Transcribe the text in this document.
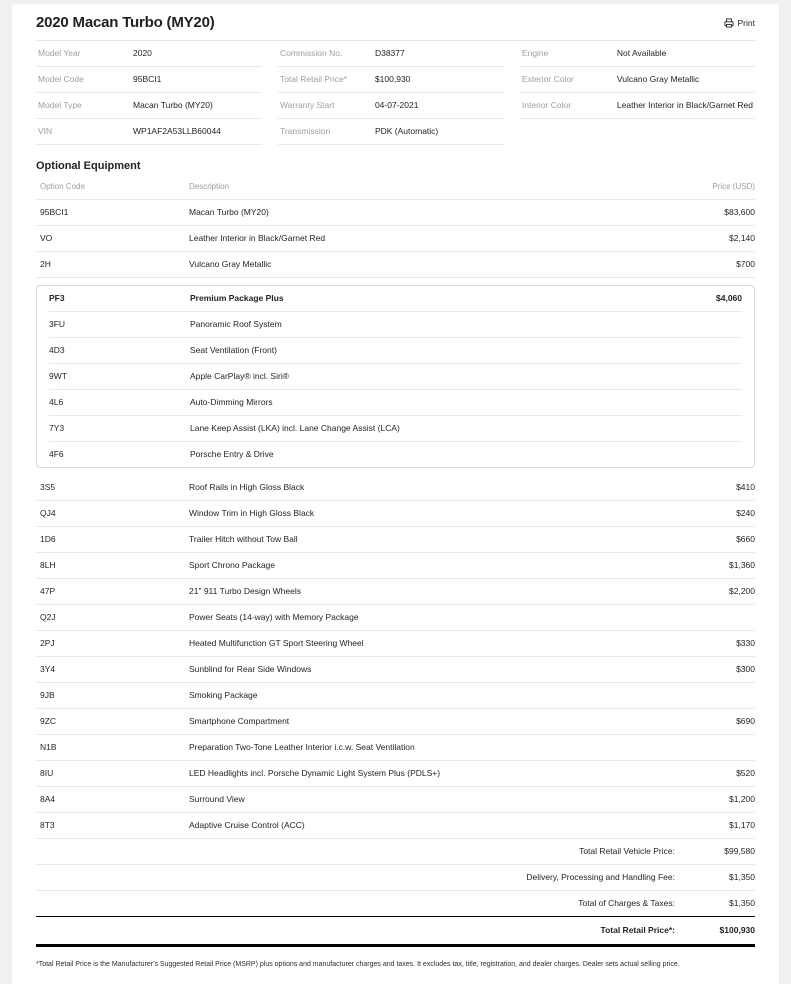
2020 Macan Turbo (MY20)	Print
Model Year	2020
Model Code	95BCI1
Model Type	Macan Turbo (MY20)
VIN	WP1AF2A53LLB60044
Commission No.	D38377
Total Retail Price*	$100,930
Warranty Start	04-07-2021
Transmission	PDK (Automatic)
Engine	Not Available
Exterior Color	Vulcano Gray Metallic
Interior Color	Leather Interior in Black/Garnet Red
Optional Equipment
Option Code	Description	Price (USD)
95BCI1	Macan Turbo (MY20)	$83,600
VO	Leather Interior in Black/Garnet Red	$2,140
2H	Vulcano Gray Metallic	$700
PF3	Premium Package Plus	$4,060
3FU	Panoramic Roof System
4D3	Seat Ventilation (Front)
9WT	Apple CarPlay® incl. Siri®
4L6	Auto-Dimming Mirrors
7Y3	Lane Keep Assist (LKA) incl. Lane Change Assist (LCA)
4F6	Porsche Entry & Drive
3S5	Roof Rails in High Gloss Black	$410
QJ4	Window Trim in High Gloss Black	$240
1D6	Trailer Hitch without Tow Ball	$660
8LH	Sport Chrono Package	$1,360
47P	21" 911 Turbo Design Wheels	$2,200
Q2J	Power Seats (14-way) with Memory Package
2PJ	Heated Multifunction GT Sport Steering Wheel	$330
3Y4	Sunblind for Rear Side Windows	$300
9JB	Smoking Package
9ZC	Smartphone Compartment	$690
N1B	Preparation Two-Tone Leather Interior i.c.w. Seat Ventilation
8IU	LED Headlights incl. Porsche Dynamic Light System Plus (PDLS+)	$520
8A4	Surround View	$1,200
8T3	Adaptive Cruise Control (ACC)	$1,170
Total Retail Vehicle Price:	$99,580
Delivery, Processing and Handling Fee:	$1,350
Total of Charges & Taxes:	$1,350
Total Retail Price*:	$100,930

*Total Retail Price is the Manufacturer's Suggested Retail Price (MSRP) plus options and manufacturer charges and taxes. It excludes tax, title, registration, and dealer charges. Dealer sets actual selling price.
